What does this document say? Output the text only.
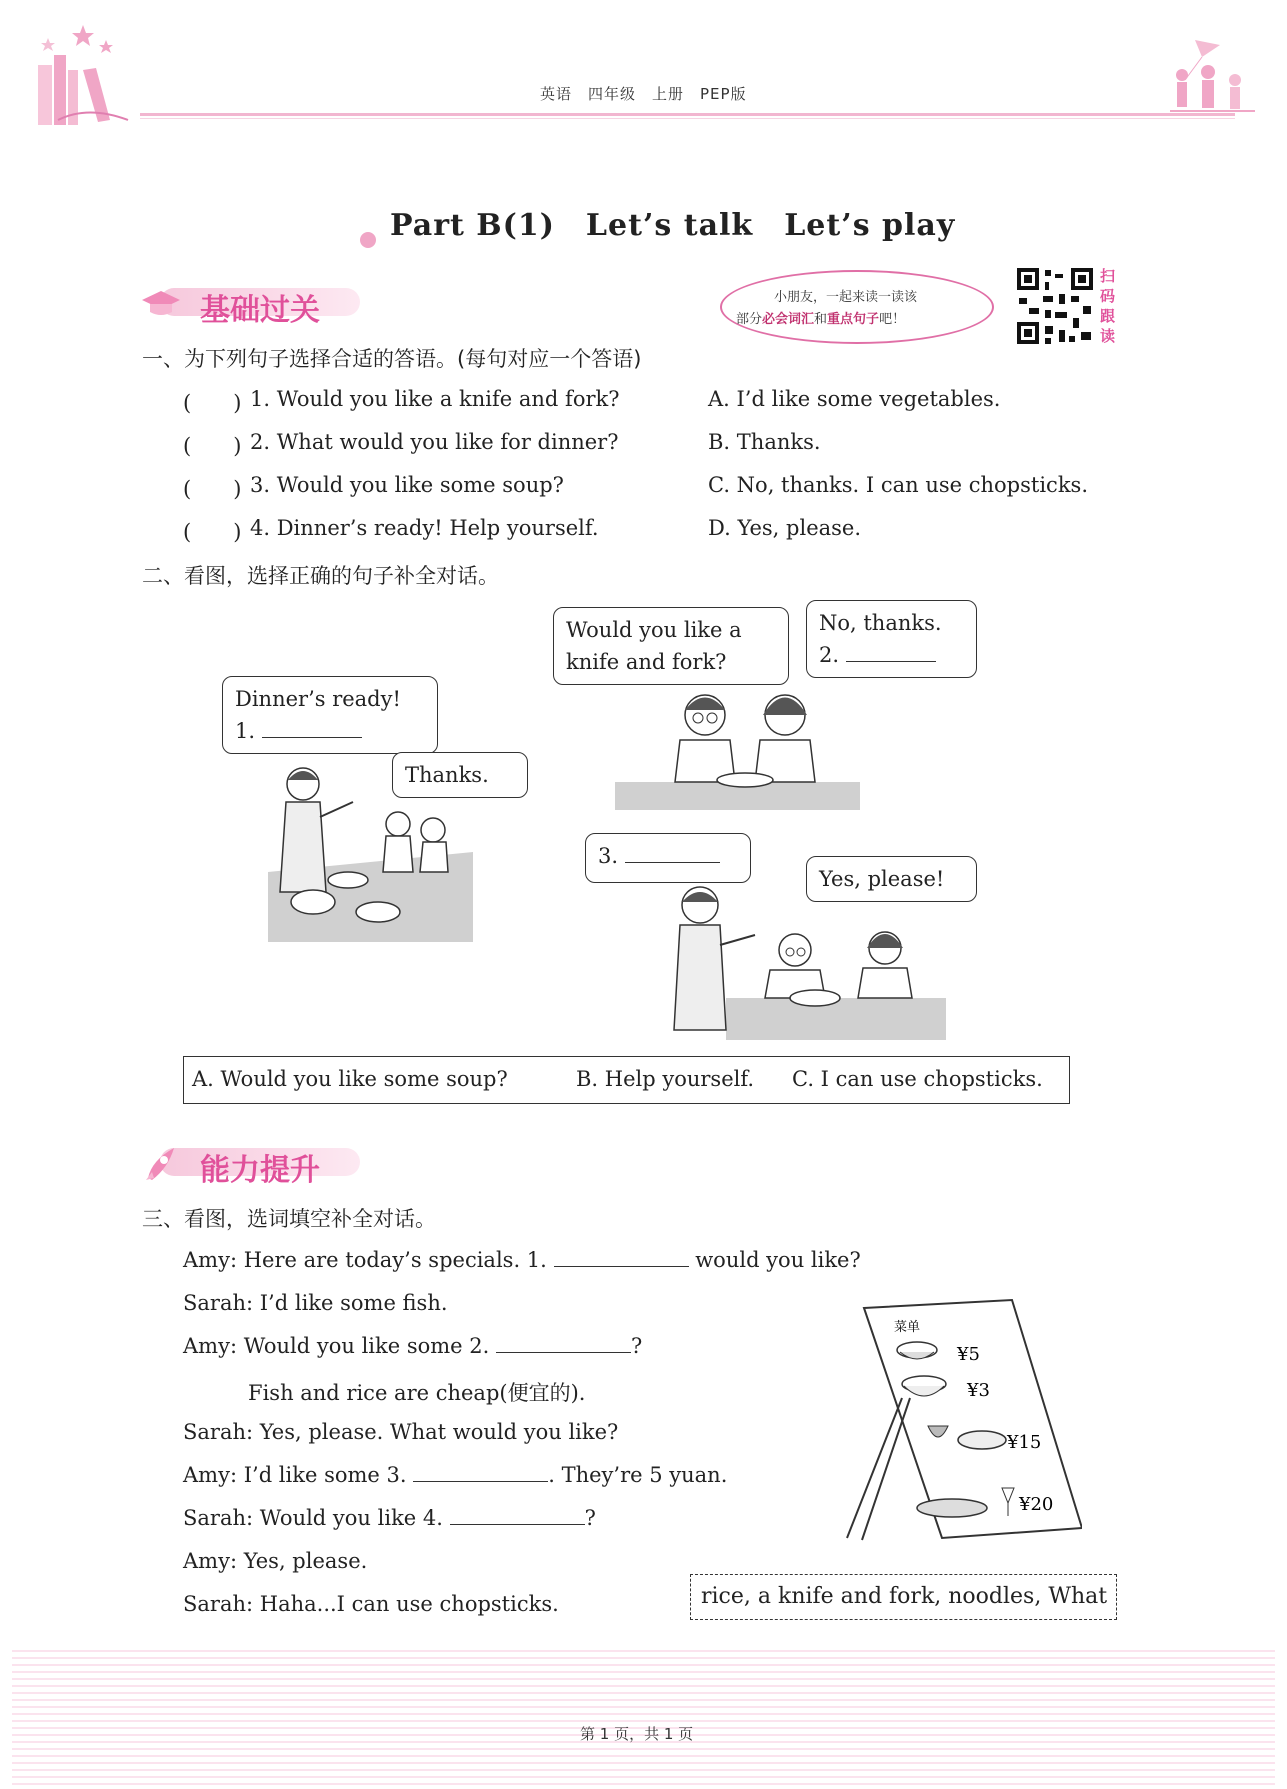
英语　四年级　上册　PEP版
Part B(1)　Let’s talk　Let’s play
基础过关	小朋友，一起来读一读该
部分必会词汇和重点句子吧！
扫
码
跟
读
一、为下列句子选择合适的答语。(每句对应一个答语)
(　　) 1. Would you like a knife and fork?	A. I’d like some vegetables.
(　　) 2. What would you like for dinner?	B. Thanks.
(　　) 3. Would you like some soup?	C. No, thanks. I can use chopsticks.
(　　) 4. Dinner’s ready! Help yourself.	D. Yes, please.
二、看图，选择正确的句子补全对话。
Dinner’s ready!
1.
Thanks.
Would you like a
knife and fork?
No, thanks.
2.
3.
Yes, please!
A. Would you like some soup?	B. Help yourself. C. I can use chopsticks.
能力提升
三、看图，选词填空补全对话。
Amy: Here are today’s specials. 1.	would you like?
Sarah: I’d like some fish.
Amy: Would you like some 2.	?
Fish and rice are cheap(便宜的).
Sarah: Yes, please. What would you like?
Amy: I’d like some 3.	. They’re 5 yuan.
Sarah: Would you like 4.	?
Amy: Yes, please.
Sarah: Haha...I can use chopsticks.
菜单
¥5
¥3
¥15
¥20
rice, a knife and fork, noodles, What
第 1 页，共 1 页
